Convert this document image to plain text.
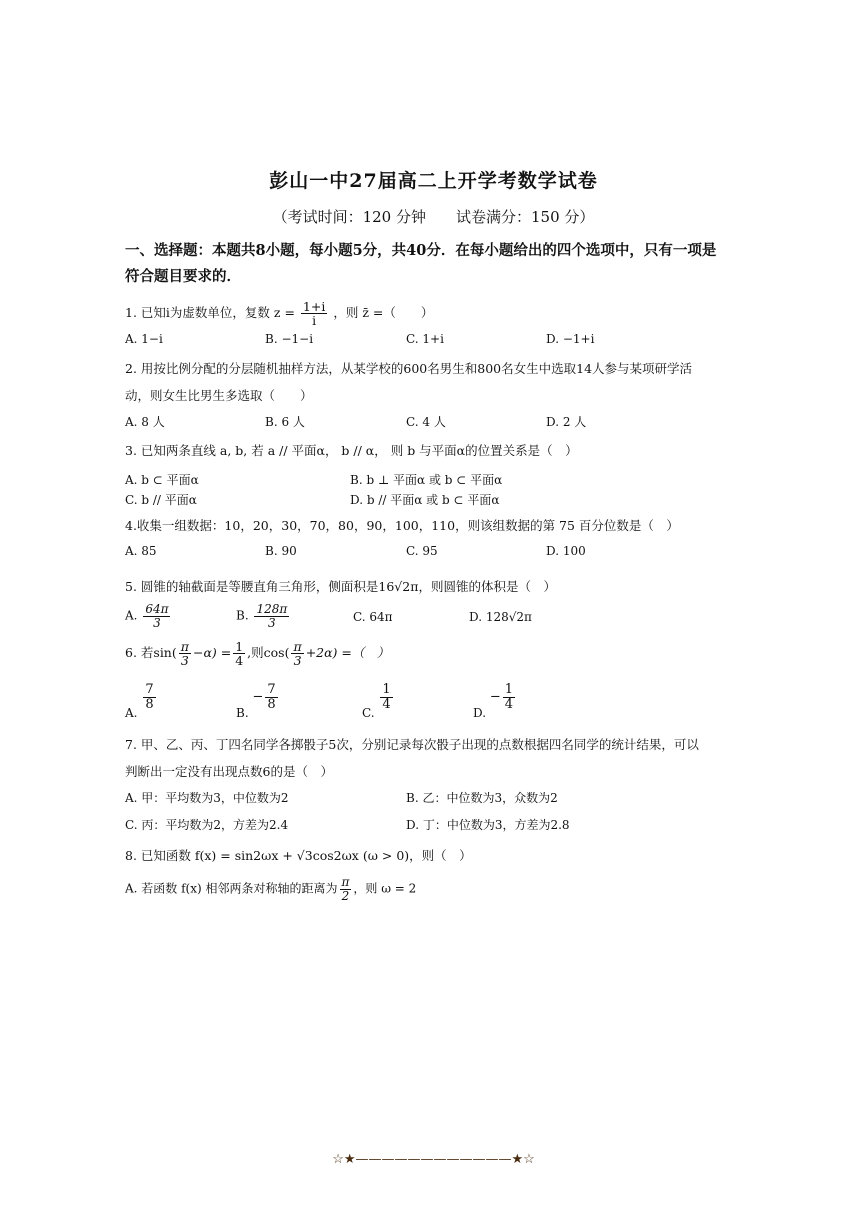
彭山一中27届高二上开学考数学试卷
（考试时间：120 分钟　　试卷满分：150 分）
一、选择题：本题共8小题，每小题5分，共40分．在每小题给出的四个选项中，只有一项是符合题目要求的．
1. 已知i为虚数单位，复数 $z = \frac{1+i}{i}$ ，则 z̄ =（　　）
A. 1−i	B. −1−i	C. 1+i	D. −1+i
2. 用按比例分配的分层随机抽样方法，从某学校的600名男生和800名女生中选取14人参与某项研学活
动，则女生比男生多选取（　　）
A. 8 人	B. 6 人	C. 4 人	D. 2 人
3. 已知两条直线 a, b, 若 a // 平面α， b // α， 则 b 与平面α的位置关系是（　）
A. b ⊂ 平面α	B. b ⊥ 平面α 或 b ⊂ 平面α
C. b // 平面α	D. b // 平面α 或 b ⊂ 平面α
4.收集一组数据：10，20，30，70，80，90，100，110，则该组数据的第 75 百分位数是（　）
A. 85	B. 90	C. 95	D. 100
5. 圆锥的轴截面是等腰直角三角形，侧面积是16√2π，则圆锥的体积是（　）
A. $\frac{64\pi}{3}$	B. $\frac{128\pi}{3}$	C. 64π	D. 128√2π
6. 若$\sin( \frac{\pi}{3} -\alpha) = \frac{1}{4}$ ,则$\cos( \frac{\pi}{3} +2\alpha)$ =（　）
A.
$\frac{7}{8}$
B. − $\frac{7}{8}$
C.
$\frac{1}{4}$
D. − $\frac{1}{4}$
7. 甲、乙、丙、丁四名同学各掷骰子5次，分别记录每次骰子出现的点数根据四名同学的统计结果，可以
判断出一定没有出现点数6的是（　）
A. 甲：平均数为3，中位数为2	B. 乙：中位数为3，众数为2
C. 丙：平均数为2，方差为2.4	D. 丁：中位数为3，方差为2.8
8. 已知函数 f(x) = sin2ωx + √3cos2ωx (ω > 0)，则（　）
A. 若函数 f(x) 相邻两条对称轴的距离为 $\frac{\pi}{2}$ ，则 ω = 2
☆★————————————★☆
